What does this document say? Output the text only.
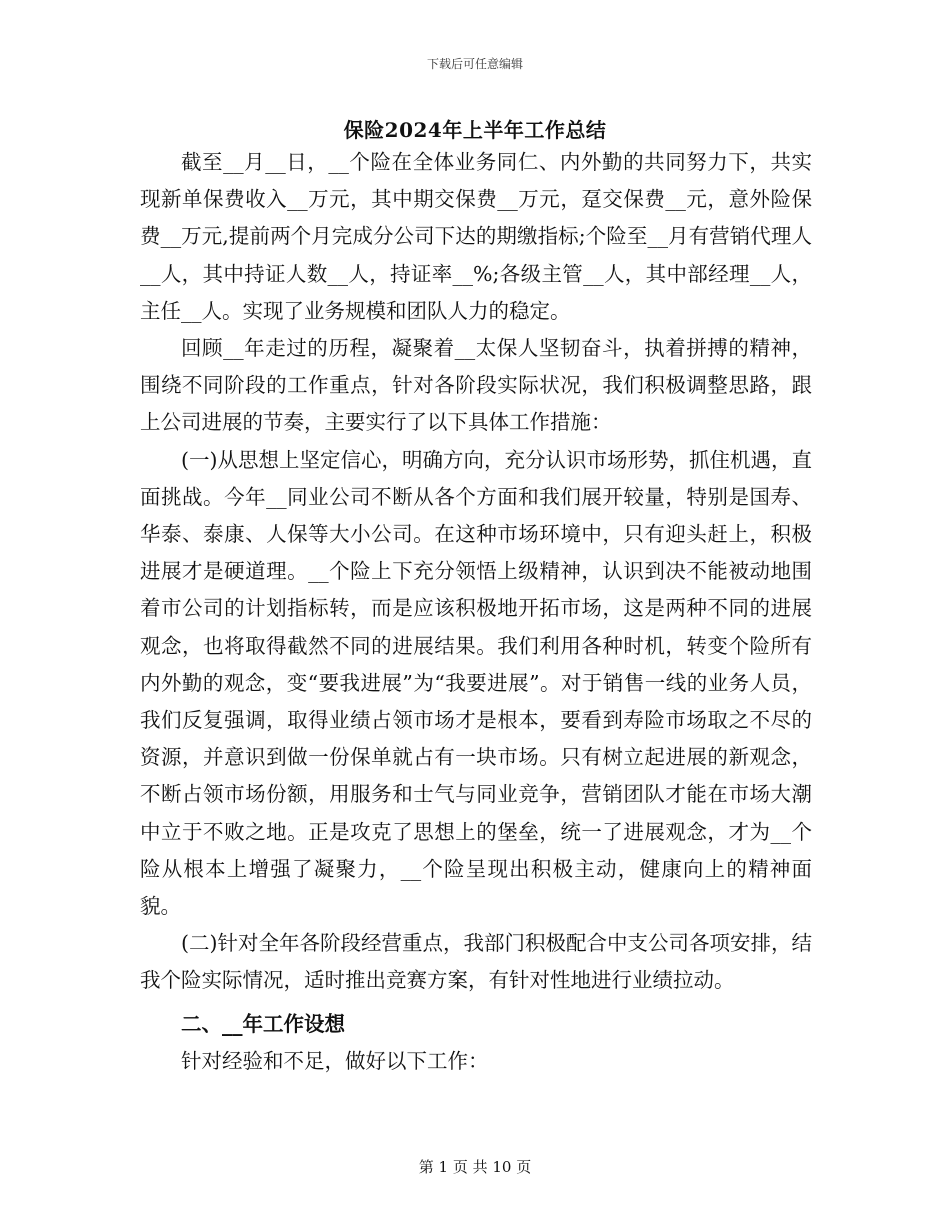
下载后可任意编辑
保险2024年上半年工作总结

截至__月__日，__个险在全体业务同仁、内外勤的共同努力下，共实现新单保费收入__万元，其中期交保费__万元，趸交保费__元，意外险保费__万元,提前两个月完成分公司下达的期缴指标;个险至__月有营销代理人__人，其中持证人数__人，持证率__%;各级主管__人，其中部经理__人，主任__人。实现了业务规模和团队人力的稳定。

回顾__年走过的历程，凝聚着__太保人坚韧奋斗，执着拼搏的精神，围绕不同阶段的工作重点，针对各阶段实际状况，我们积极调整思路，跟上公司进展的节奏，主要实行了以下具体工作措施：

(一)从思想上坚定信心，明确方向，充分认识市场形势，抓住机遇，直面挑战。今年__同业公司不断从各个方面和我们展开较量，特别是国寿、华泰、泰康、人保等大小公司。在这种市场环境中，只有迎头赶上，积极进展才是硬道理。__个险上下充分领悟上级精神，认识到决不能被动地围着市公司的计划指标转，而是应该积极地开拓市场，这是两种不同的进展观念，也将取得截然不同的进展结果。我们利用各种时机，转变个险所有内外勤的观念，变“要我进展”为“我要进展”。对于销售一线的业务人员，我们反复强调，取得业绩占领市场才是根本，要看到寿险市场取之不尽的资源，并意识到做一份保单就占有一块市场。只有树立起进展的新观念，不断占领市场份额，用服务和士气与同业竞争，营销团队才能在市场大潮中立于不败之地。正是攻克了思想上的堡垒，统一了进展观念，才为__个险从根本上增强了凝聚力，__个险呈现出积极主动，健康向上的精神面貌。

(二)针对全年各阶段经营重点，我部门积极配合中支公司各项安排，结我个险实际情况，适时推出竞赛方案，有针对性地进行业绩拉动。

二、__年工作设想

针对经验和不足，做好以下工作：

第 1 页 共 10 页
